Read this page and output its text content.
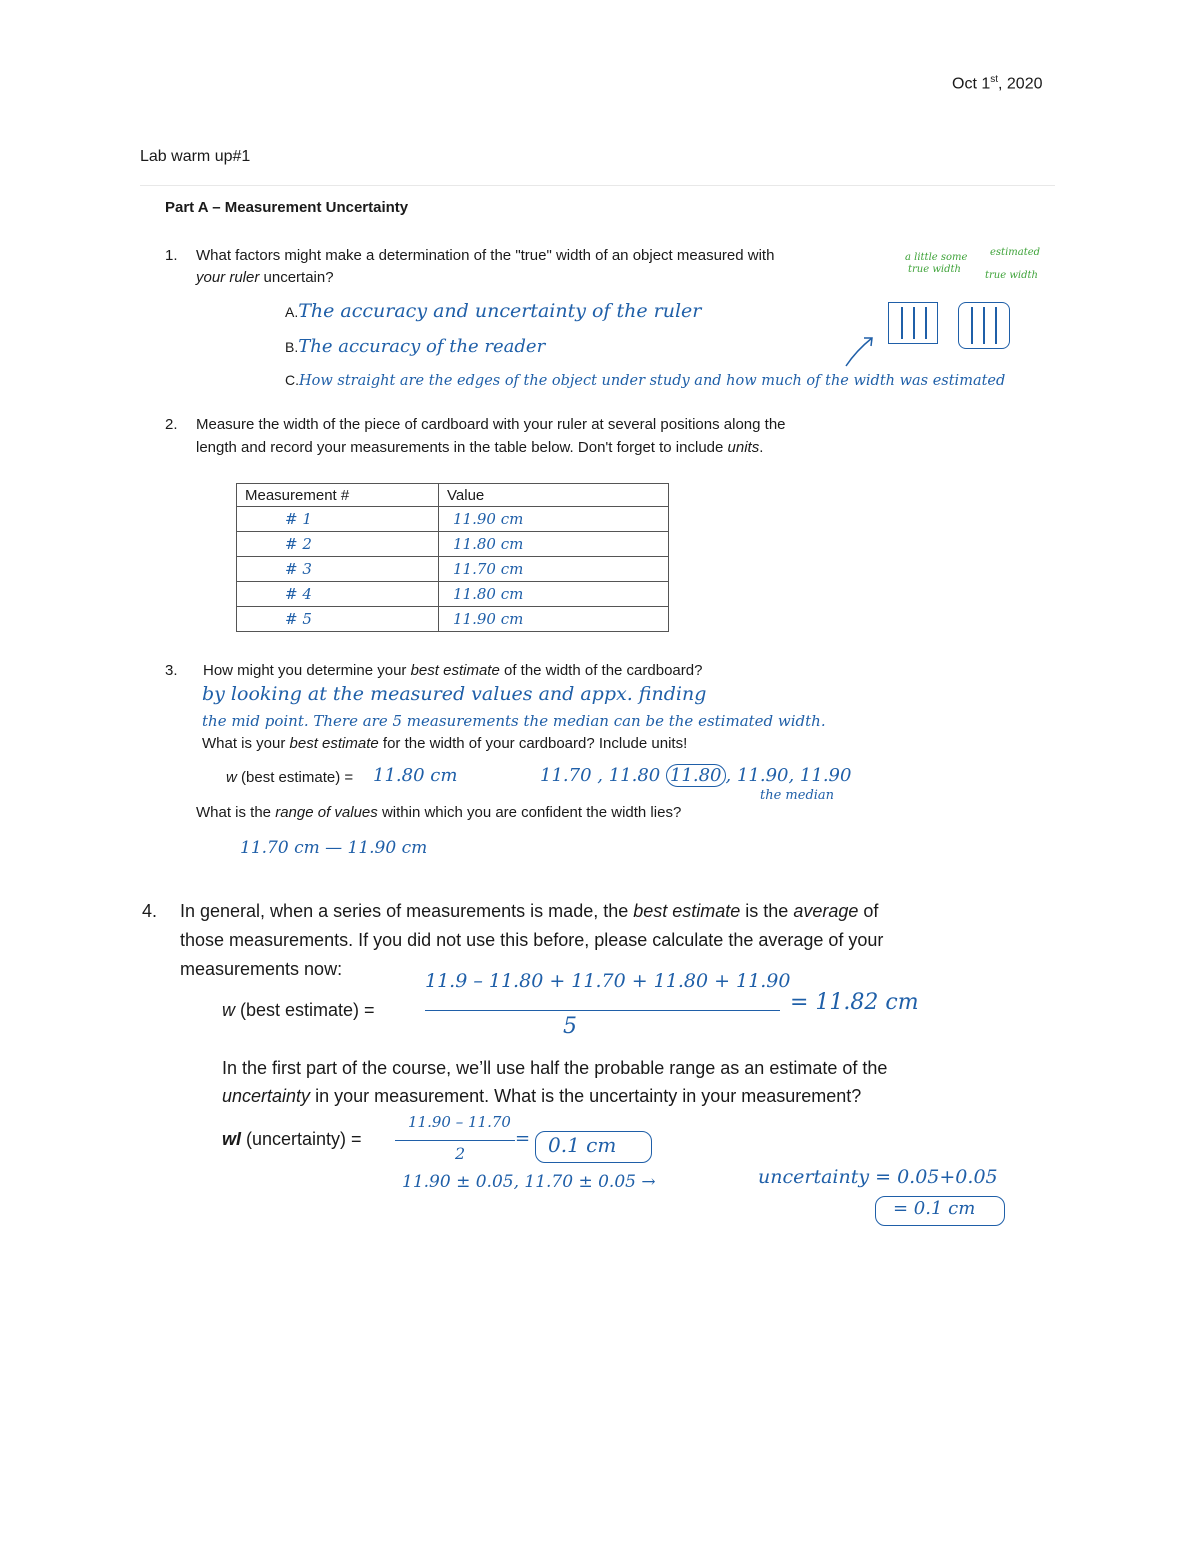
Oct 1st, 2020
Lab warm up#1
Part A – Measurement Uncertainty
1. What factors might make a determination of the "true" width of an object measured with
your ruler uncertain?
A.The accuracy and uncertainty of the ruler
B.The accuracy of the reader
C.How straight are the edges of the object under study and how much of the width was estimated
a little some estimated
true width
true width
2. Measure the width of the piece of cardboard with your ruler at several positions along the
length and record your measurements in the table below. Don't forget to include units.
Measurement #	Value
# 1	11.90 cm
# 2	11.80 cm
# 3	11.70 cm
# 4	11.80 cm
# 5	11.90 cm
3. How might you determine your best estimate of the width of the cardboard?
by looking at the measured values and appx. finding
the mid point. There are 5 measurements the median can be the estimated width.
What is your best estimate for the width of your cardboard? Include units!
w (best estimate) = 11.80 cm	11.70 , 11.80 11.80 , 11.90, 11.90
the median
What is the range of values within which you are confident the width lies?
11.70 cm — 11.90 cm
4. In general, when a series of measurements is made, the best estimate is the average of
those measurements. If you did not use this before, please calculate the average of your
measurements now:
w (best estimate) =
11.9 – 11.80 + 11.70 + 11.80 + 11.90
5
= 11.82 cm
In the first part of the course, we’ll use half the probable range as an estimate of the
uncertainty in your measurement. What is the uncertainty in your measurement?
wI (uncertainty) =
11.90 – 11.70
2
= 0.1 cm
11.90 ± 0.05, 11.70 ± 0.05 →	uncertainty = 0.05+0.05
= 0.1 cm
